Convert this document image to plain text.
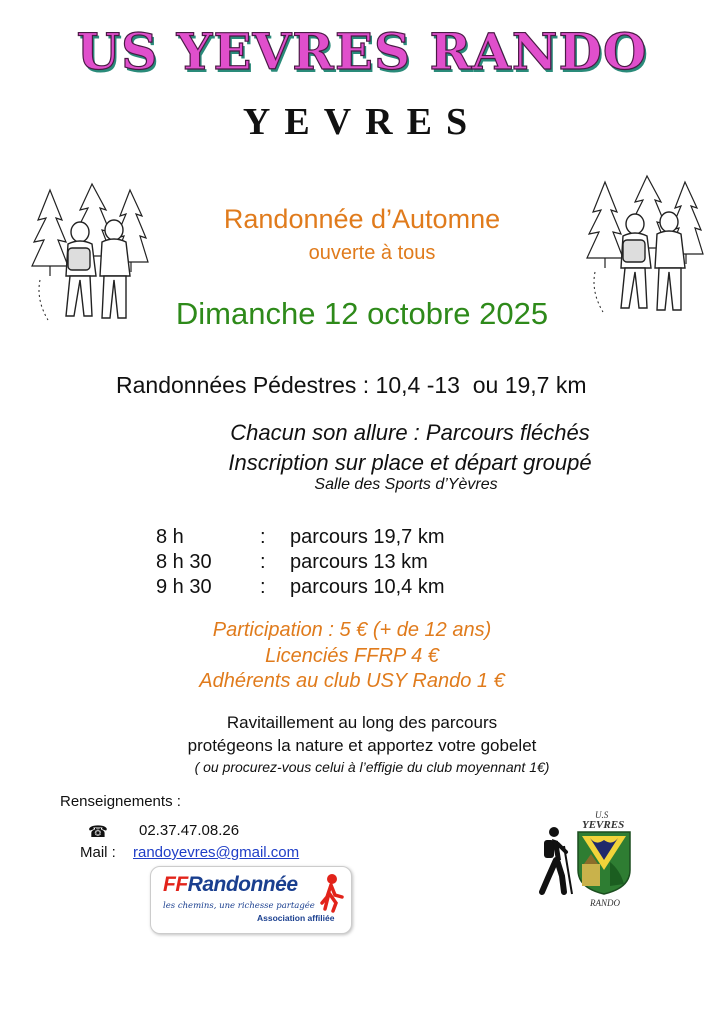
US YEVRES RANDO
YEVRES
Randonnée d’Automne
ouverte à tous
Dimanche 12 octobre 2025
Randonnées Pédestres : 10,4 -13  ou 19,7 km
Chacun son allure : Parcours fléchés
Inscription sur place et départ groupé
Salle des Sports d’Yèvres
8 h	: parcours 19,7 km
8 h 30 : parcours 13 km
9 h 30 : parcours 10,4 km
Participation : 5 € (+ de 12 ans)
Licenciés FFRP 4 €
Adhérents au club USY Rando 1 €
Ravitaillement au long des parcours
protégeons la nature et apportez votre gobelet
( ou procurez-vous celui à l’effigie du club moyennant 1€)
Renseignements :
☎ 02.37.47.08.26
Mail : randoyevres@gmail.com
FFRandonnée
les chemins, une richesse partagée
Association affiliée
U.S
YEVRES
RANDO
